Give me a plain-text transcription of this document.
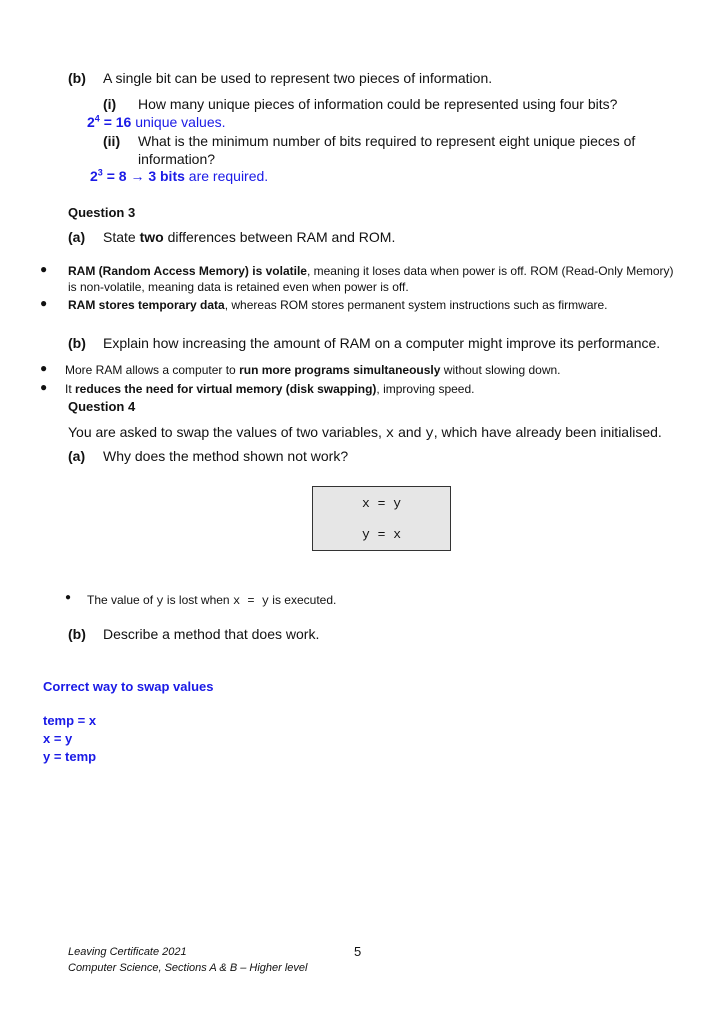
(b) A single bit can be used to represent two pieces of information.
(i) How many unique pieces of information could be represented using four bits?
$2^4 = 16$ unique values.
(ii) What is the minimum number of bits required to represent eight unique pieces of
information?
$2^3 = 8 \to 3$ bits are required.
Question 3
(a) State two differences between RAM and ROM.
● RAM (Random Access Memory) is volatile, meaning it loses data when power is off. ROM (Read-Only Memory)
is non-volatile, meaning data is retained even when power is off.
● RAM stores temporary data, whereas ROM stores permanent system instructions such as firmware.
(b) Explain how increasing the amount of RAM on a computer might improve its performance.
● More RAM allows a computer to run more programs simultaneously without slowing down.
● It reduces the need for virtual memory (disk swapping), improving speed.
Question 4
You are asked to swap the values of two variables, x and y, which have already been initialised.
(a) Why does the method shown not work?
x = y
y = x
● The value of y is lost when x = y is executed.
(b) Describe a method that does work.
Correct way to swap values
temp = x
x = y
y = temp
Leaving Certificate 2021
Computer Science, Sections A & B – Higher level
5
